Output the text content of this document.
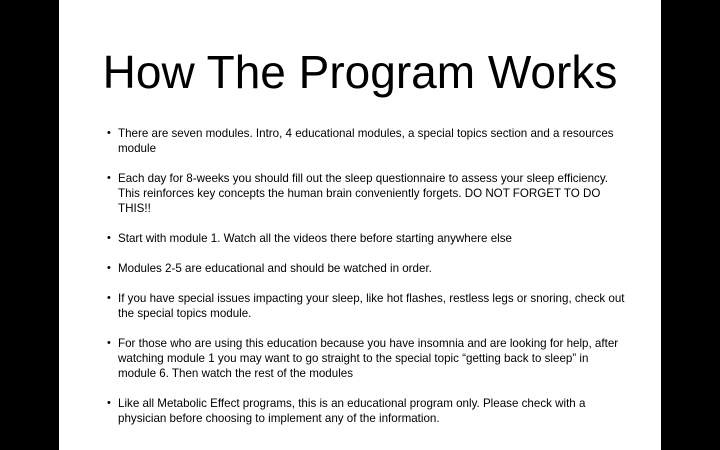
How The Program Works
• There are seven modules. Intro, 4 educational modules, a special topics section and a resources module
• Each day for 8-weeks you should fill out the sleep questionnaire to assess your sleep efficiency. This reinforces key concepts the human brain conveniently forgets. DO NOT FORGET TO DO THIS!!
• Start with module 1. Watch all the videos there before starting anywhere else
• Modules 2-5 are educational and should be watched in order.
• If you have special issues impacting your sleep, like hot flashes, restless legs or snoring, check out the special topics module.
• For those who are using this education because you have insomnia and are looking for help, after watching module 1 you may want to go straight to the special topic “getting back to sleep” in module 6. Then watch the rest of the modules
• Like all Metabolic Effect programs, this is an educational program only. Please check with a physician before choosing to implement any of the information.
